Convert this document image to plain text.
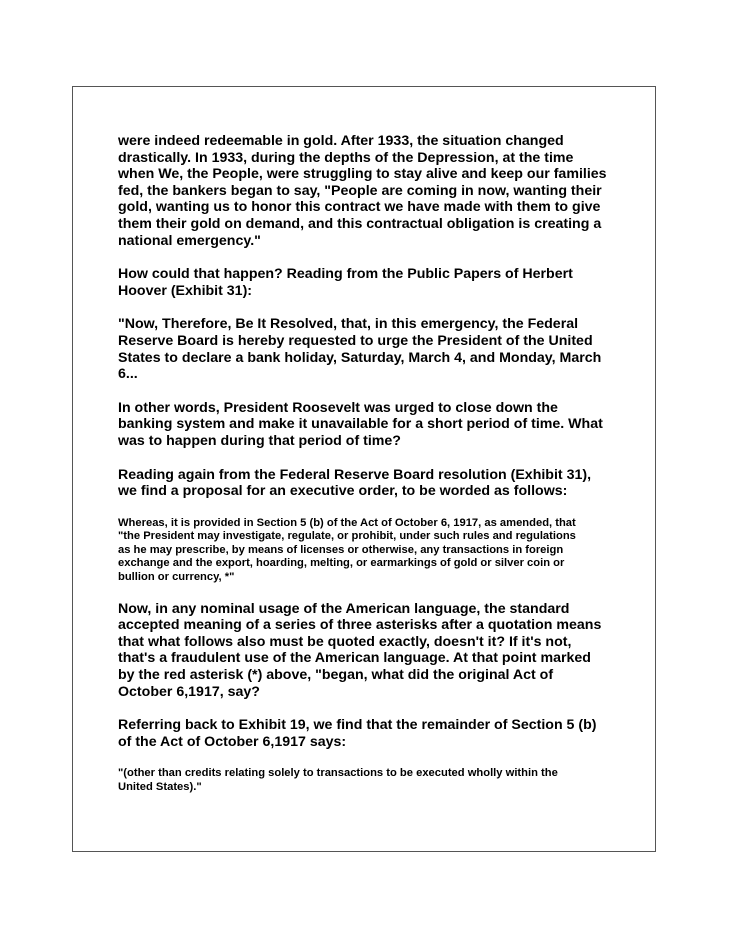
were indeed redeemable in gold. After 1933, the situation changed
drastically. In 1933, during the depths of the Depression, at the time
when We, the People, were struggling to stay alive and keep our families
fed, the bankers began to say, "People are coming in now, wanting their
gold, wanting us to honor this contract we have made with them to give
them their gold on demand, and this contractual obligation is creating a
national emergency."

How could that happen? Reading from the Public Papers of Herbert
Hoover (Exhibit 31):

"Now, Therefore, Be It Resolved, that, in this emergency, the Federal
Reserve Board is hereby requested to urge the President of the United
States to declare a bank holiday, Saturday, March 4, and Monday, March
6...

In other words, President Roosevelt was urged to close down the
banking system and make it unavailable for a short period of time. What
was to happen during that period of time?

Reading again from the Federal Reserve Board resolution (Exhibit 31),
we find a proposal for an executive order, to be worded as follows:

Whereas, it is provided in Section 5 (b) of the Act of October 6, 1917, as amended, that
"the President may investigate, regulate, or prohibit, under such rules and regulations
as he may prescribe, by means of licenses or otherwise, any transactions in foreign
exchange and the export, hoarding, melting, or earmarkings of gold or silver coin or
bullion or currency, *"

Now, in any nominal usage of the American language, the standard
accepted meaning of a series of three asterisks after a quotation means
that what follows also must be quoted exactly, doesn't it? If it's not,
that's a fraudulent use of the American language. At that point marked
by the red asterisk (*) above, "began, what did the original Act of
October 6,1917, say?

Referring back to Exhibit 19, we find that the remainder of Section 5 (b)
of the Act of October 6,1917 says:

"(other than credits relating solely to transactions to be executed wholly within the
United States)."
